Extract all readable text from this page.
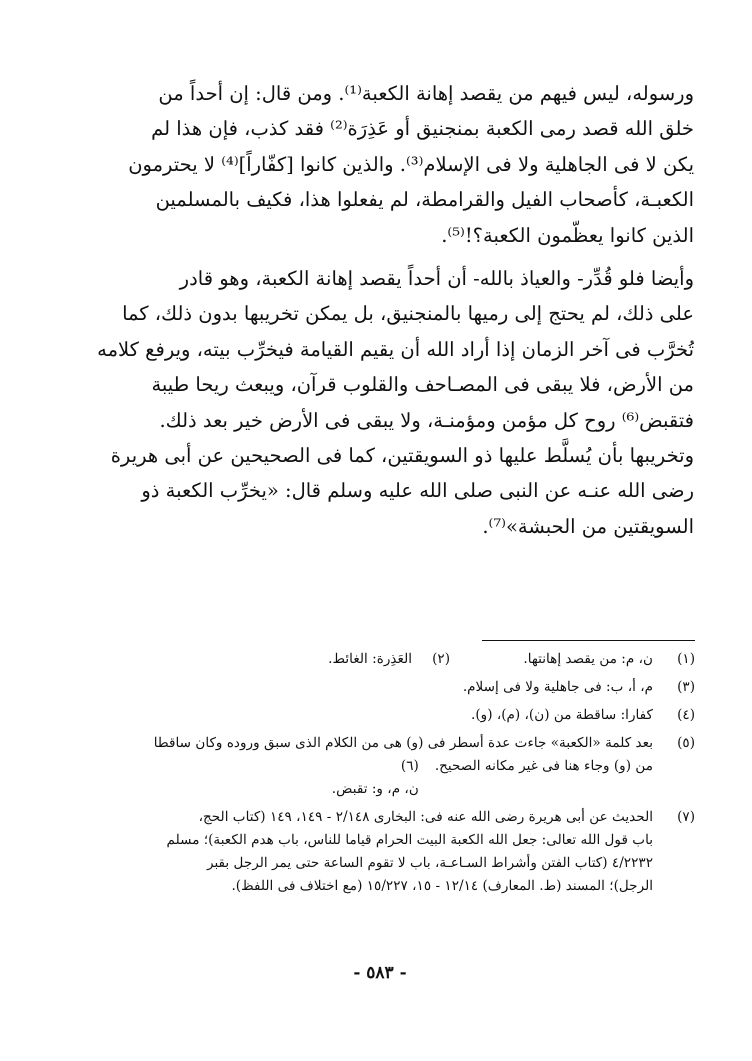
ورسوله، ليس فيهم من يقصد إهانة الكعبة⁽¹⁾. ومن قال: إن أحداً من
خلق الله قصد رمى الكعبة بمنجنيق أو عَذِرَة⁽²⁾ فقد كذب، فإن هذا لم
يكن لا فى الجاهلية ولا فى الإسلام⁽³⁾. والذين كانوا [كفّاراً]⁽⁴⁾ لا يحترمون
الكعبـة، كأصحاب الفيل والقرامطة، لم يفعلوا هذا، فكيف بالمسلمين
الذين كانوا يعظّمون الكعبة؟!⁽⁵⁾.
وأيضا فلو قُدِّر- والعياذ بالله- أن أحداً يقصد إهانة الكعبة، وهو قادر
على ذلك، لم يحتج إلى رميها بالمنجنيق، بل يمكن تخريبها بدون ذلك، كما
تُخرَّب فى آخر الزمان إذا أراد الله أن يقيم القيامة فيخرِّب بيته، ويرفع كلامه
من الأرض، فلا يبقى فى المصـاحف والقلوب قرآن، ويبعث ريحا طيبة
فتقبض⁽⁶⁾ روح كل مؤمن ومؤمنـة، ولا يبقى فى الأرض خير بعد ذلك.
وتخريبها بأن يُسلَّط عليها ذو السويقتين، كما فى الصحيحين عن أبى هريرة
رضى الله عنـه عن النبى صلى الله عليه وسلم قال: «يخرِّب الكعبة ذو
السويقتين من الحبشة»⁽⁷⁾.
(١)
ن، م: من يقصد إهانتها.
(٢)
العَذِرة: الغائط.
(٣)
م، أ، ب: فى جاهلية ولا فى إسلام.
(٤)
كفارا: ساقطة من (ن)، (م)، (و).
(٥)
بعد كلمة «الكعبة» جاءت عدة أسطر فى (و) هى من الكلام الذى سبق وروده وكان ساقطا
من (و) وجاء هنا فى غير مكانه الصحيح.
(٦)
ن، م، و: تقبض.
(٧)
الحديث عن أبى هريرة رضى الله عنه فى: البخارى ٢/١٤٨ - ١٤٩، ١٤٩ (كتاب الحج،
باب قول الله تعالى: جعل الله الكعبة البيت الحرام قياما للناس، باب هدم الكعبة)؛ مسلم
٤/٢٢٣٢ (كتاب الفتن وأشراط السـاعـة، باب لا تقوم الساعة حتى يمر الرجل بقبر
الرجل)؛ المسند (ط. المعارف) ١٢/١٤ - ١٥، ١٥/٢٢٧ (مع اختلاف فى اللفظ).
- ٥٨٣ -
